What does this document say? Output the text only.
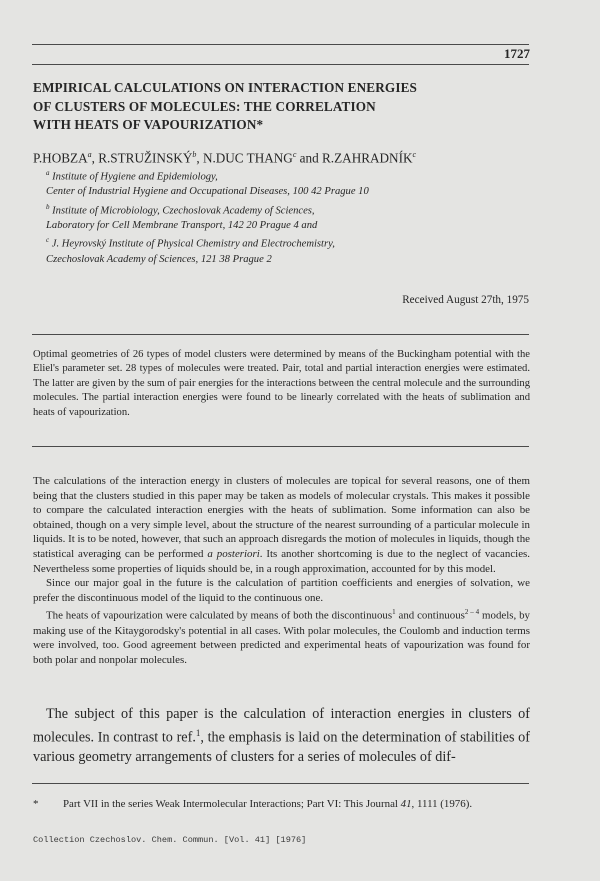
1727
EMPIRICAL CALCULATIONS ON INTERACTION ENERGIES
OF CLUSTERS OF MOLECULES: THE CORRELATION
WITH HEATS OF VAPOURIZATION*
P.HOBZA$^a$, R.STRUŽINSKÝ$^b$, N.DUC THANG$^c$ and R.ZAHRADNÍK$^c$
$^a$ Institute of Hygiene and Epidemiology,
Center of Industrial Hygiene and Occupational Diseases, 100 42 Prague 10
$^b$ Institute of Microbiology, Czechoslovak Academy of Sciences,
Laboratory for Cell Membrane Transport, 142 20 Prague 4 and
$^c$ J. Heyrovský Institute of Physical Chemistry and Electrochemistry,
Czechoslovak Academy of Sciences, 121 38 Prague 2
Received August 27th, 1975
Optimal geometries of 26 types of model clusters were determined by means of the Buckingham potential with the Eliel's parameter set. 28 types of molecules were treated. Pair, total and partial interaction energies were estimated. The latter are given by the sum of pair energies for the interactions between the central molecule and the surrounding molecules. The partial interaction energies were found to be linearly correlated with the heats of sublimation and heats of vapourization.

The calculations of the interaction energy in clusters of molecules are topical for several reasons, one of them being that the clusters studied in this paper may be taken as models of molecular crystals. This makes it possible to compare the calculated interaction energies with the heats of sublimation. Some information can also be obtained, though on a very simple level, about the structure of the nearest surrounding of a particular molecule in liquids. It is to be noted, however, that such an approach disregards the motion of molecules in liquids, though the statistical averaging can be performed a posteriori. Its another shortcoming is due to the neglect of vacancies. Nevertheless some properties of liquids should be, in a rough approximation, accounted for by this model.

Since our major goal in the future is the calculation of partition coefficients and energies of solvation, we prefer the discontinuous model of the liquid to the continuous one.

The heats of vapourization were calculated by means of both the discontinuous$^1$ and continuous$^{2 - 4}$ models, by making use of the Kitaygorodsky's potential in all cases. With polar molecules, the Coulomb and induction terms were involved, too. Good agreement between predicted and experimental heats of vapourization was found for both polar and nonpolar molecules.

The subject of this paper is the calculation of interaction energies in clusters of molecules. In contrast to ref.$^1$, the emphasis is laid on the determination of stabilities of various geometry arrangements of clusters for a series of molecules of dif-
* Part VII in the series Weak Intermolecular Interactions; Part VI: This Journal 41, 1111 (1976).
Collection Czechoslov. Chem. Commun. [Vol. 41] [1976]
